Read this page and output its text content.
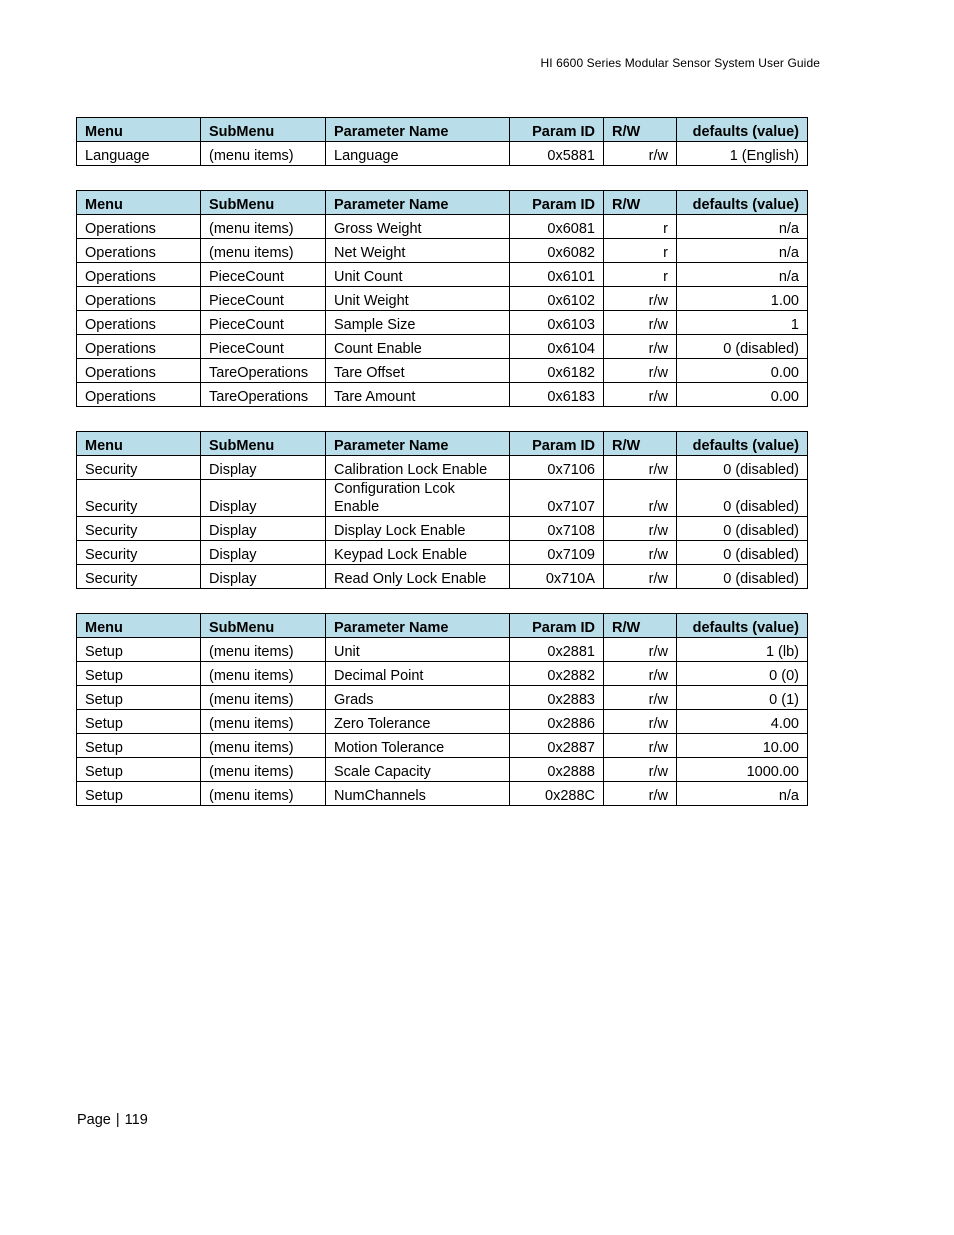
HI 6600 Series Modular Sensor System User Guide
Menu	SubMenu	Parameter Name	Param ID	R/W	defaults (value)
Language	(menu items)	Language	0x5881	r/w	1 (English)
Menu	SubMenu	Parameter Name	Param ID	R/W	defaults (value)
Operations	(menu items)	Gross Weight	0x6081	r	n/a
Operations	(menu items)	Net Weight	0x6082	r	n/a
Operations	PieceCount	Unit Count	0x6101	r	n/a
Operations	PieceCount	Unit Weight	0x6102	r/w	1.00
Operations	PieceCount	Sample Size	0x6103	r/w	1
Operations	PieceCount	Count Enable	0x6104	r/w	0 (disabled)
Operations	TareOperations	Tare Offset	0x6182	r/w	0.00
Operations	TareOperations	Tare Amount	0x6183	r/w	0.00
Menu	SubMenu	Parameter Name	Param ID	R/W	defaults (value)
Security	Display	Calibration Lock Enable	0x7106	r/w	0 (disabled)
Security	Display	Configuration Lcok Enable	0x7107	r/w	0 (disabled)
Security	Display	Display Lock Enable	0x7108	r/w	0 (disabled)
Security	Display	Keypad Lock Enable	0x7109	r/w	0 (disabled)
Security	Display	Read Only Lock Enable	0x710A	r/w	0 (disabled)
Menu	SubMenu	Parameter Name	Param ID	R/W	defaults (value)
Setup	(menu items)	Unit	0x2881	r/w	1 (lb)
Setup	(menu items)	Decimal Point	0x2882	r/w	0 (0)
Setup	(menu items)	Grads	0x2883	r/w	0 (1)
Setup	(menu items)	Zero Tolerance	0x2886	r/w	4.00
Setup	(menu items)	Motion Tolerance	0x2887	r/w	10.00
Setup	(menu items)	Scale Capacity	0x2888	r/w	1000.00
Setup	(menu items)	NumChannels	0x288C	r/w	n/a
Page | 119
